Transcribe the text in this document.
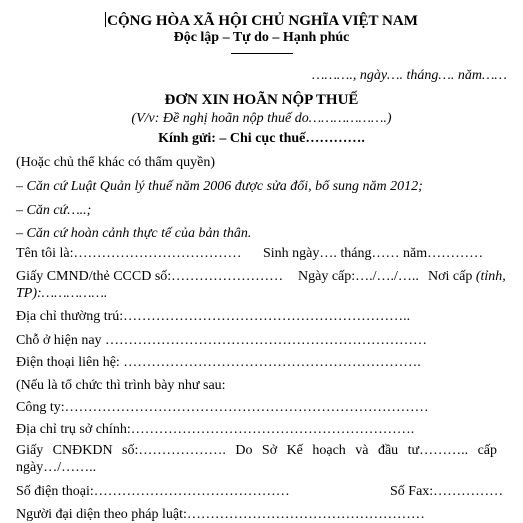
CỘNG HÒA XÃ HỘI CHỦ NGHĨA VIỆT NAM
Độc lập – Tự do – Hạnh phúc
………., ngày…. tháng…. năm……
ĐƠN XIN HOÃN NỘP THUẾ
(V/v: Đề nghị hoãn nộp thuế do……………….)
Kính gửi: – Chi cục thuế………….
(Hoặc chủ thể khác có thẩm quyền)
– Căn cứ Luật Quản lý thuế năm 2006 được sửa đổi, bổ sung năm 2012;
– Căn cứ…..;
– Căn cứ hoàn cảnh thực tế của bản thân.
Tên tôi là:……………………………… Sinh ngày…. tháng…… năm…………
Giấy CMND/thẻ CCCD số:…………………… Ngày cấp:…./…./….. Nơi cấp (tỉnh,
TP):…………….
Địa chỉ thường trú:……………………………………………………..
Chỗ ở hiện nay ……………………………………………………………
Điện thoại liên hệ: ……………………………………………………….
(Nếu là tổ chức thì trình bày như sau:
Công ty:……………………………………………………………………
Địa chỉ trụ sở chính:…………………………………………………….
Giấy CNĐKDN số:………………. Do Sở Kế hoạch và đầu tư……….. cấp
ngày…/……..
Số điện thoại:……………………………………	Số Fax:……………
Người đại diện theo pháp luật:……………………………………………
